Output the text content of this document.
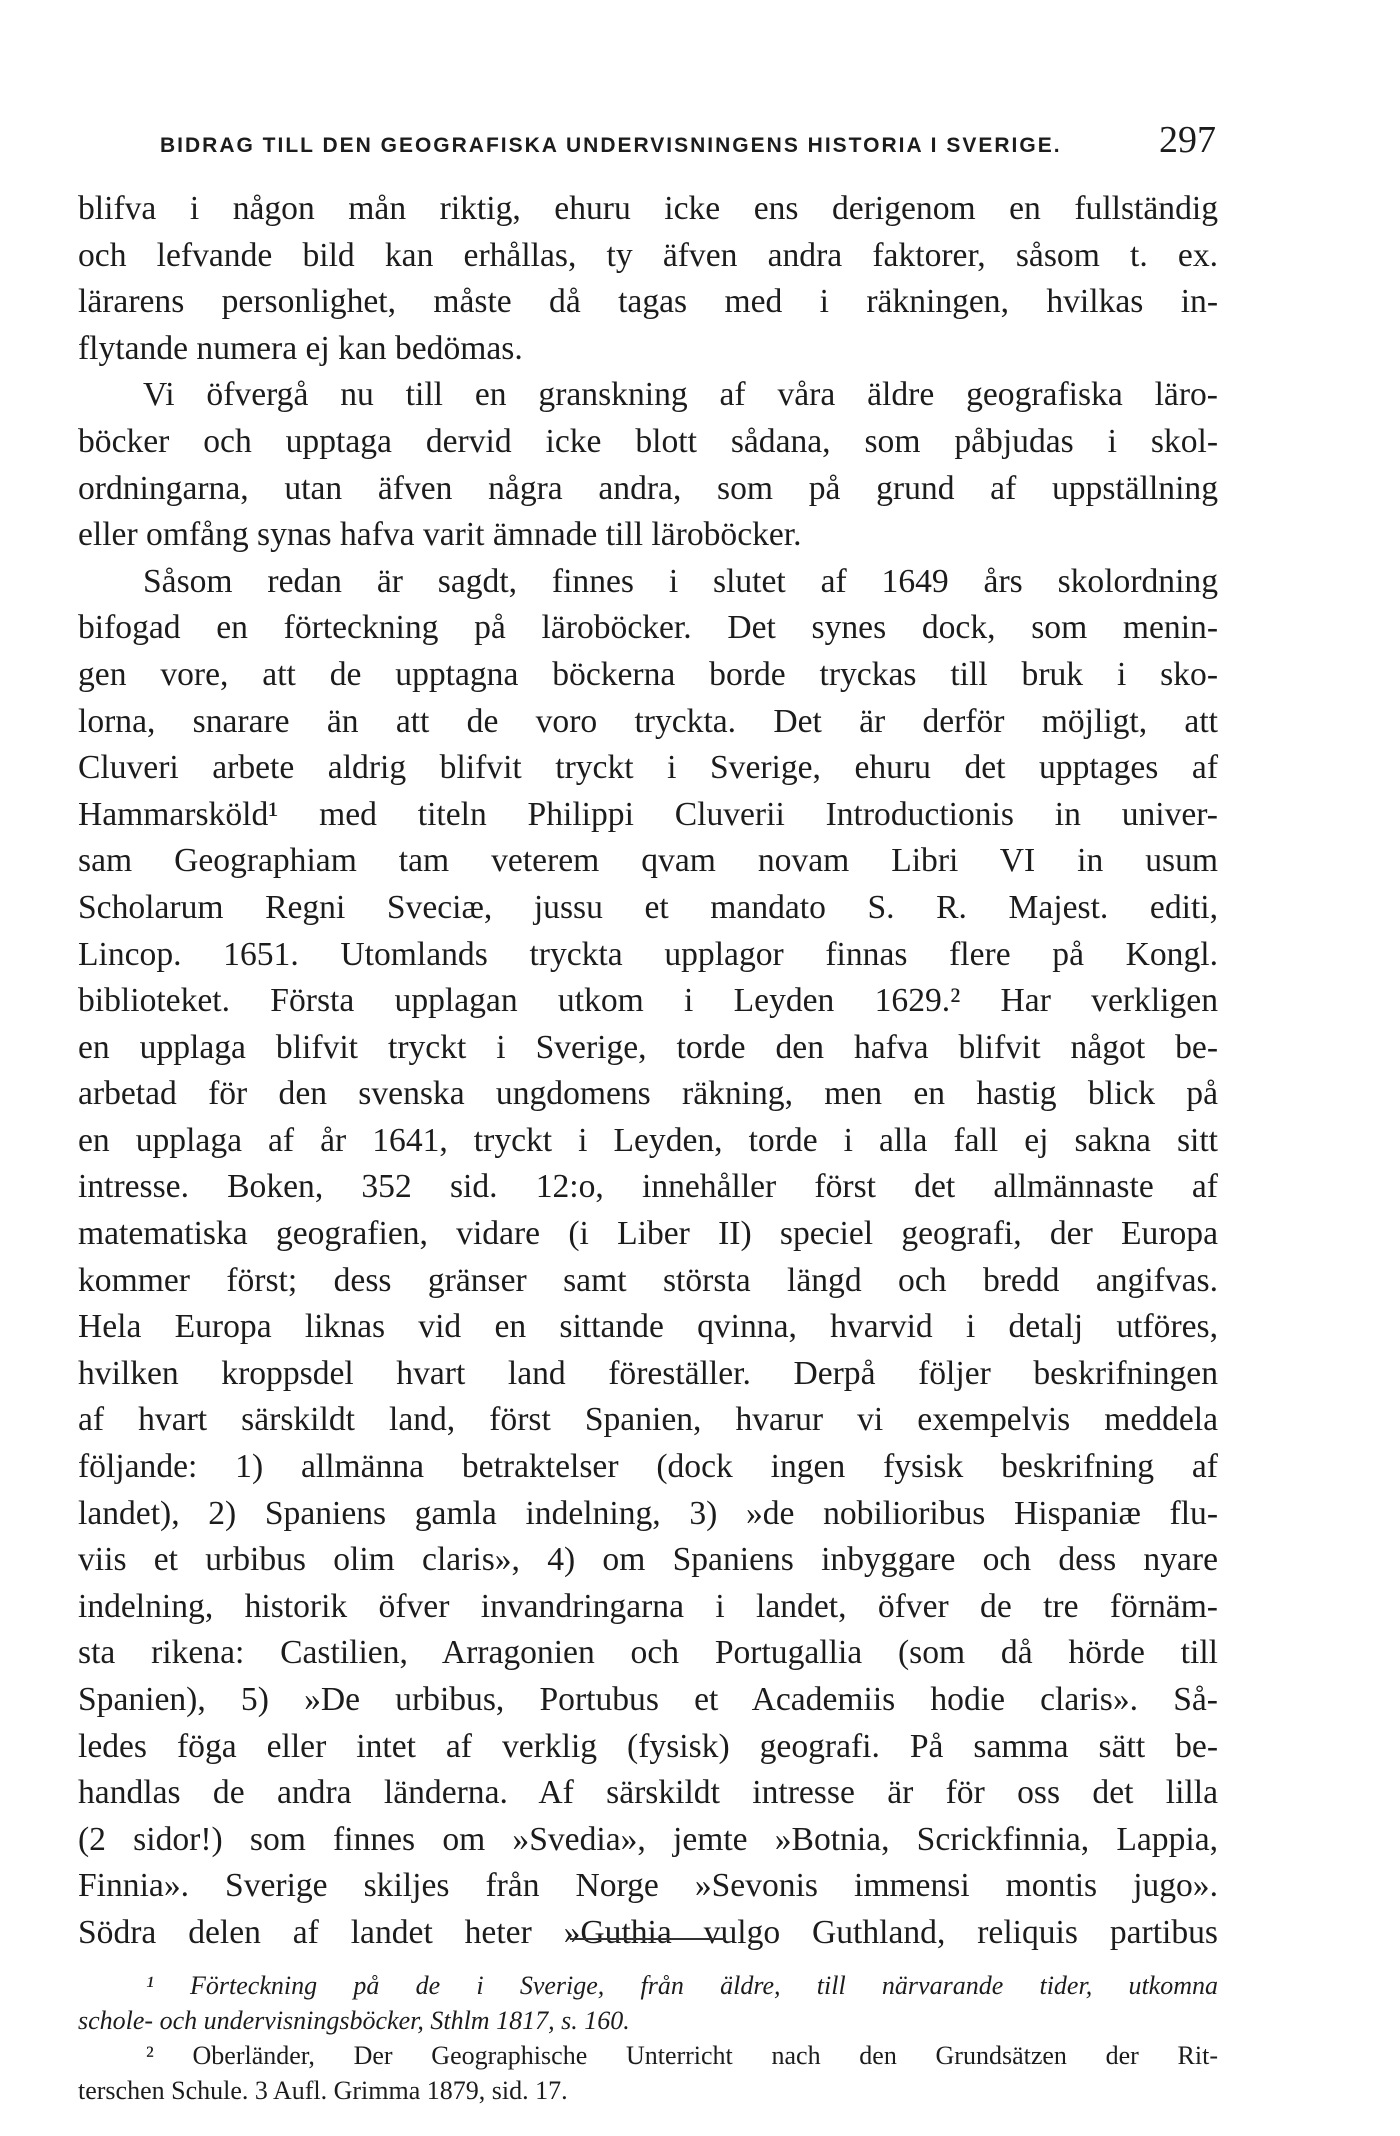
BIDRAG TILL DEN GEOGRAFISKA UNDERVISNINGENS HISTORIA I SVERIGE.	297
blifva i någon mån riktig, ehuru icke ens derigenom en fullständig
och lefvande bild kan erhållas, ty äfven andra faktorer, såsom t. ex.
lärarens personlighet, måste då tagas med i räkningen, hvilkas in-
flytande numera ej kan bedömas.
Vi öfvergå nu till en granskning af våra äldre geografiska läro-
böcker och upptaga dervid icke blott sådana, som påbjudas i skol-
ordningarna, utan äfven några andra, som på grund af uppställning
eller omfång synas hafva varit ämnade till läroböcker.
Såsom redan är sagdt, finnes i slutet af 1649 års skolordning
bifogad en förteckning på läroböcker. Det synes dock, som menin-
gen vore, att de upptagna böckerna borde tryckas till bruk i sko-
lorna, snarare än att de voro tryckta. Det är derför möjligt, att
Cluveri arbete aldrig blifvit tryckt i Sverige, ehuru det upptages af
Hammarsköld¹ med titeln Philippi Cluverii Introductionis in univer-
sam Geographiam tam veterem qvam novam Libri VI in usum
Scholarum Regni Sveciæ, jussu et mandato S. R. Majest. editi,
Lincop. 1651. Utomlands tryckta upplagor finnas flere på Kongl.
biblioteket. Första upplagan utkom i Leyden 1629.² Har verkligen
en upplaga blifvit tryckt i Sverige, torde den hafva blifvit något be-
arbetad för den svenska ungdomens räkning, men en hastig blick på
en upplaga af år 1641, tryckt i Leyden, torde i alla fall ej sakna sitt
intresse. Boken, 352 sid. 12:o, innehåller först det allmännaste af
matematiska geografien, vidare (i Liber II) speciel geografi, der Europa
kommer först; dess gränser samt största längd och bredd angifvas.
Hela Europa liknas vid en sittande qvinna, hvarvid i detalj utföres,
hvilken kroppsdel hvart land föreställer. Derpå följer beskrifningen
af hvart särskildt land, först Spanien, hvarur vi exempelvis meddela
följande: 1) allmänna betraktelser (dock ingen fysisk beskrifning af
landet), 2) Spaniens gamla indelning, 3) »de nobilioribus Hispaniæ flu-
viis et urbibus olim claris», 4) om Spaniens inbyggare och dess nyare
indelning, historik öfver invandringarna i landet, öfver de tre förnäm-
sta rikena: Castilien, Arragonien och Portugallia (som då hörde till
Spanien), 5) »De urbibus, Portubus et Academiis hodie claris». Så-
ledes föga eller intet af verklig (fysisk) geografi. På samma sätt be-
handlas de andra länderna. Af särskildt intresse är för oss det lilla
(2 sidor!) som finnes om »Svedia», jemte »Botnia, Scrickfinnia, Lappia,
Finnia». Sverige skiljes från Norge »Sevonis immensi montis jugo».
Södra delen af landet heter »Guthia vulgo Guthland, reliquis partibus
¹ Förteckning på de i Sverige, från äldre, till närvarande tider, utkomna
schole- och undervisningsböcker, Sthlm 1817, s. 160.
² Oberländer, Der Geographische Unterricht nach den Grundsätzen der Rit-
terschen Schule. 3 Aufl. Grimma 1879, sid. 17.
